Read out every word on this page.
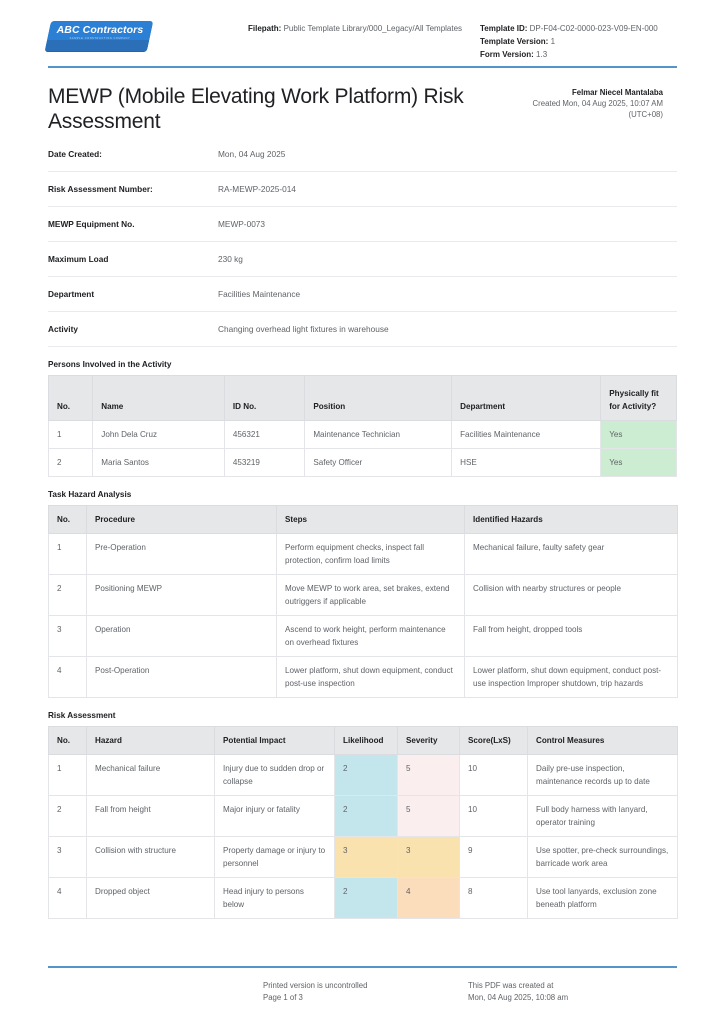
ABC Contractors
SAMPLE CONSTRUCTION COMPANY
Filepath: Public Template Library/000_Legacy/All Templates	Template ID: DP-F04-C02-0000-023-V09-EN-000
Template Version: 1
Form Version: 1.3
MEWP (Mobile Elevating Work Platform) Risk Assessment
Felmar Niecel Mantalaba
Created Mon, 04 Aug 2025, 10:07 AM
(UTC+08)
Date Created:	Mon, 04 Aug 2025
Risk Assessment Number:	RA-MEWP-2025-014
MEWP Equipment No.	MEWP-0073
Maximum Load	230 kg
Department	Facilities Maintenance
Activity	Changing overhead light fixtures in warehouse
Persons Involved in the Activity
No.	Name	ID No.	Position	Department	Physically fit for Activity?
1	John Dela Cruz	456321	Maintenance Technician	Facilities Maintenance	Yes
2	Maria Santos	453219	Safety Officer	HSE	Yes
Task Hazard Analysis
No.	Procedure	Steps	Identified Hazards
1	Pre-Operation	Perform equipment checks, inspect fall protection, confirm load limits	Mechanical failure, faulty safety gear
2	Positioning MEWP	Move MEWP to work area, set brakes, extend outriggers if applicable	Collision with nearby structures or people
3	Operation	Ascend to work height, perform maintenance on overhead fixtures	Fall from height, dropped tools
4	Post-Operation	Lower platform, shut down equipment, conduct post-use inspection	Lower platform, shut down equipment, conduct post-use inspection Improper shutdown, trip hazards
Risk Assessment
No.	Hazard	Potential Impact	Likelihood	Severity	Score(LxS)	Control Measures
1	Mechanical failure	Injury due to sudden drop or collapse	2	5	10	Daily pre-use inspection, maintenance records up to date
2	Fall from height	Major injury or fatality	2	5	10	Full body harness with lanyard, operator training
3	Collision with structure	Property damage or injury to personnel	3	3	9	Use spotter, pre-check surroundings, barricade work area
4	Dropped object	Head injury to persons below	2	4	8	Use tool lanyards, exclusion zone beneath platform
Printed version is uncontrolled
Page 1 of 3
This PDF was created at
Mon, 04 Aug 2025, 10:08 am
